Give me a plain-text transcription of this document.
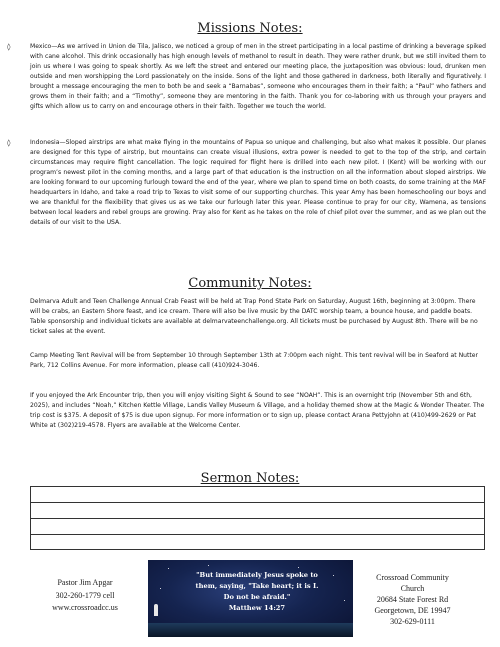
Missions Notes:
◊	Mexico—As we arrived in Union de Tila, Jalisco, we noticed a group of men in the street participating in a local pastime of drinking a beverage spiked with cane alcohol. This drink occasionally has high enough levels of methanol to result in death. They were rather drunk, but we still invited them to join us where I was going to speak shortly. As we left the street and entered our meeting place, the juxtaposition was obvious: loud, drunken men outside and men worshipping the Lord passionately on the inside. Sons of the light and those gathered in darkness, both literally and figuratively. I brought a message encouraging the men to both be and seek a “Barnabas”, someone who encourages them in their faith; a “Paul” who fathers and grows them in their faith; and a “Timothy”, someone they are mentoring in the faith. Thank you for co-laboring with us through your prayers and gifts which allow us to carry on and encourage others in their faith. Together we touch the world.
◊	Indonesia—Sloped airstrips are what make flying in the mountains of Papua so unique and challenging, but also what makes it possible. Our planes are designed for this type of airstrip, but mountains can create visual illusions, extra power is needed to get to the top of the strip, and certain circumstances may require flight cancellation. The logic required for flight here is drilled into each new pilot. I (Kent) will be working with our program’s newest pilot in the coming months, and a large part of that education is the instruction on all the information about sloped airstrips. We are looking forward to our upcoming furlough toward the end of the year, where we plan to spend time on both coasts, do some training at the MAF headquarters in Idaho, and take a road trip to Texas to visit some of our supporting churches. This year Amy has been homeschooling our boys and we are thankful for the flexibility that gives us as we take our furlough later this year. Please continue to pray for our city, Wamena, as tensions between local leaders and rebel groups are growing. Pray also for Kent as he takes on the role of chief pilot over the summer, and as we plan out the details of our visit to the USA.
Community Notes:
Delmarva Adult and Teen Challenge Annual Crab Feast will be held at Trap Pond State Park on Saturday, August 16th, beginning at 3:00pm. There will be crabs, an Eastern Shore feast, and ice cream. There will also be live music by the DATC worship team, a bounce house, and paddle boats. Table sponsorship and individual tickets are available at delmarvateenchallenge.org. All tickets must be purchased by August 8th. There will be no ticket sales at the event.
Camp Meeting Tent Revival will be from September 10 through September 13th at 7:00pm each night. This tent revival will be in Seaford at Nutter Park, 712 Collins Avenue. For more information, please call (410)924-3046.
If you enjoyed the Ark Encounter trip, then you will enjoy visiting Sight & Sound to see “NOAH”. This is an overnight trip (November 5th and 6th, 2025), and includes “Noah,” Kitchen Kettle Village, Landis Valley Museum & Village, and a holiday themed show at the Magic & Wonder Theater. The trip cost is $375. A deposit of $75 is due upon signup. For more information or to sign up, please contact Arana Pettyjohn at (410)499-2629 or Pat White at (302)219-4578. Flyers are available at the Welcome Center.
Sermon Notes:
Pastor Jim Apgar
302-260-1779 cell
www.crossroadcc.us
"But immediately Jesus spoke to
them, saying, "Take heart; it is I.
Do not be afraid."
Matthew 14:27
Crossroad Community
Church
20684 State Forest Rd
Georgetown, DE 19947
302-629-0111
